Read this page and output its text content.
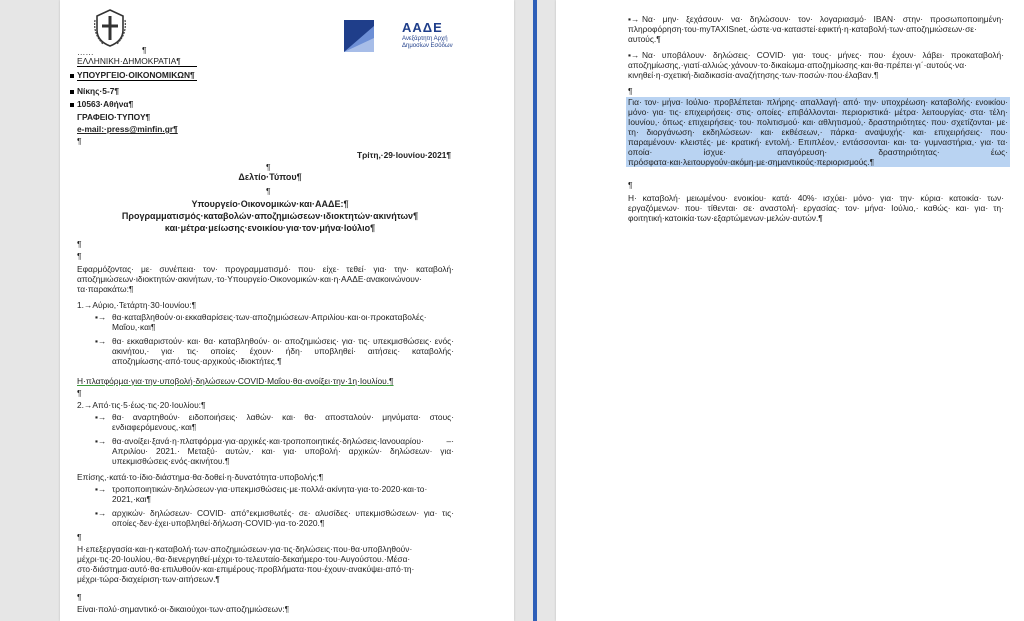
……	¶
ΑΑΔΕ
Ανεξάρτητη Αρχή
Δημοσίων Εσόδων
ΕΛΛΗΝΙΚΗ·ΔΗΜΟΚΡΑΤΙΑ¶
ΥΠΟΥΡΓΕΙΟ·ΟΙΚΟΝΟΜΙΚΩΝ¶
Νίκης·5-7¶
10563·Αθήνα¶
ΓΡΑΦΕΙΟ·ΤΥΠΟΥ¶
e-mail:·press@minfin.gr¶
¶
Τρίτη,·29·Ιουνίου·2021¶
¶
Δελτίο·Τύπου¶
¶
Υπουργείο·Οικονομικών·και·ΑΑΔΕ:¶
Προγραμματισμός·καταβολών·αποζημιώσεων·ιδιοκτητών·ακινήτων¶
και·μέτρα·μείωσης·ενοικίου·για·τον·μήνα·Ιούλιο¶
¶
¶
Εφαρμόζοντας· με· συνέπεια· τον· προγραμματισμό· που· είχε· τεθεί· για· την· καταβολή· αποζημιώσεων·ιδιοκτητών·ακινήτων,·το·Υπουργείο·Οικονομικών·και·η·ΑΑΔΕ·ανακοινώνουν· τα·παρακάτω:¶
1.→Αύριο,·Τετάρτη·30·Ιουνίου:¶
▪→ θα·καταβληθούν·οι·εκκαθαρίσεις·των·αποζημιώσεων·Απριλίου·και·οι·προκαταβολές· Μαΐου,·και¶
▪→ θα· εκκαθαριστούν· και· θα· καταβληθούν· οι· αποζημιώσεις· για· τις· υπεκμισθώσεις· ενός· ακινήτου,· για· τις· οποίες· έχουν· ήδη· υποβληθεί· αιτήσεις· καταβολής· αποζημίωσης·από·τους·αρχικούς·ιδιοκτήτες.¶
Η·πλατφόρμα·για·την·υποβολή·δηλώσεων·COVID·Μαΐου·θα·ανοίξει·την·1η·Ιουλίου.¶
¶
2.→Από·τις·5·έως·τις·20·Ιουλίου:¶
▪→ θα· αναρτηθούν· ειδοποιήσεις· λαθών· και· θα· αποσταλούν· μηνύματα· στους· ενδιαφερόμενους,·και¶
▪→ θα·ανοίξει·ξανά·η·πλατφόρμα·για·αρχικές·και·τροποποιητικές·δηλώσεις·Ιανουαρίου· –· Απριλίου· 2021.· Μεταξύ· αυτών,· και· για· υποβολή· αρχικών· δηλώσεων· για· υπεκμισθώσεις·ενός·ακινήτου.¶
Επίσης,·κατά·το·ίδιο·διάστημα·θα·δοθεί·η·δυνατότητα·υποβολής:¶
▪→ τροποποιητικών·δηλώσεων·για·υπεκμισθώσεις·με·πολλά·ακίνητα·για·το·2020·και·το· 2021,·και¶
▪→ αρχικών· δηλώσεων· COVID· από°εκμισθωτές· σε· αλυσίδες· υπεκμισθώσεων· για· τις· οποίες·δεν·έχει·υποβληθεί·δήλωση·COVID·για·το·2020.¶
¶
Η·επεξεργασία·και·η·καταβολή·των·αποζημιώσεων·για·τις·δηλώσεις·που·θα·υποβληθούν· μέχρι·τις·20·Ιουλίου,·θα·διενεργηθεί·μέχρι·το·τελευταίο·δεκαήμερο·του·Αυγούστου.·Μέσα· στο·διάστημα·αυτό·θα·επιλυθούν·και·επιμέρους·προβλήματα·που·έχουν·ανακύψει·από·τη· μέχρι·τώρα·διαχείριση·των·αιτήσεων.¶
¶
Είναι·πολύ·σημαντικό·οι·δικαιούχοι·των·αποζημιώσεων:¶
▪→ Να· μην· ξεχάσουν· να· δηλώσουν· τον· λογαριασμό· IBAN· στην· προσωποποιημένη· πληροφόρηση·του·myTAXISnet,·ώστε·να·καταστεί·εφικτή·η·καταβολή·των·αποζημιώσεων·σε· αυτούς.¶
▪→ Να· υποβάλουν· δηλώσεις· COVID· για· τους· μήνες· που· έχουν· λάβει· προκαταβολή· αποζημίωσης,·γιατί·αλλιώς·χάνουν·το·δικαίωμα·αποζημίωσης·και·θα·πρέπει·γι΄·αυτούς·να· κινηθεί·η·σχετική·διαδικασία·αναζήτησης·των·ποσών·που·έλαβαν.¶
¶
Για· τον· μήνα· Ιούλιο· προβλέπεται· πλήρης· απαλλαγή· από· την· υποχρέωση· καταβολής· ενοικίου· μόνο· για· τις· επιχειρήσεις· στις· οποίες· επιβάλλονται· περιοριστικά· μέτρα· λειτουργίας· στα· τέλη· Ιουνίου,· όπως· επιχειρήσεις· του· πολιτισμού· και· αθλητισμού,· δραστηριότητες· που· σχετίζονται· με· τη· διοργάνωση· εκδηλώσεων· και· εκθέσεων,· πάρκα· αναψυχής· και· επιχειρήσεις· που· παραμένουν· κλειστές· με· κρατική· εντολή.· Επιπλέον,· εντάσσονται· και· τα· γυμναστήρια,· για· τα· οποία· ίσχυε· απαγόρευση· δραστηριότητας· έως· πρόσφατα·και·λειτουργούν·ακόμη·με·σημαντικούς·περιορισμούς.¶
¶
Η· καταβολή· μειωμένου· ενοικίου· κατά· 40%· ισχύει· μόνο· για· την· κύρια· κατοικία· των· εργαζόμενων· που· τίθενται· σε· αναστολή· εργασίας· τον· μήνα· Ιούλιο,· καθώς· και· για· τη· φοιτητική·κατοικία·των·εξαρτώμενων·μελών·αυτών.¶
